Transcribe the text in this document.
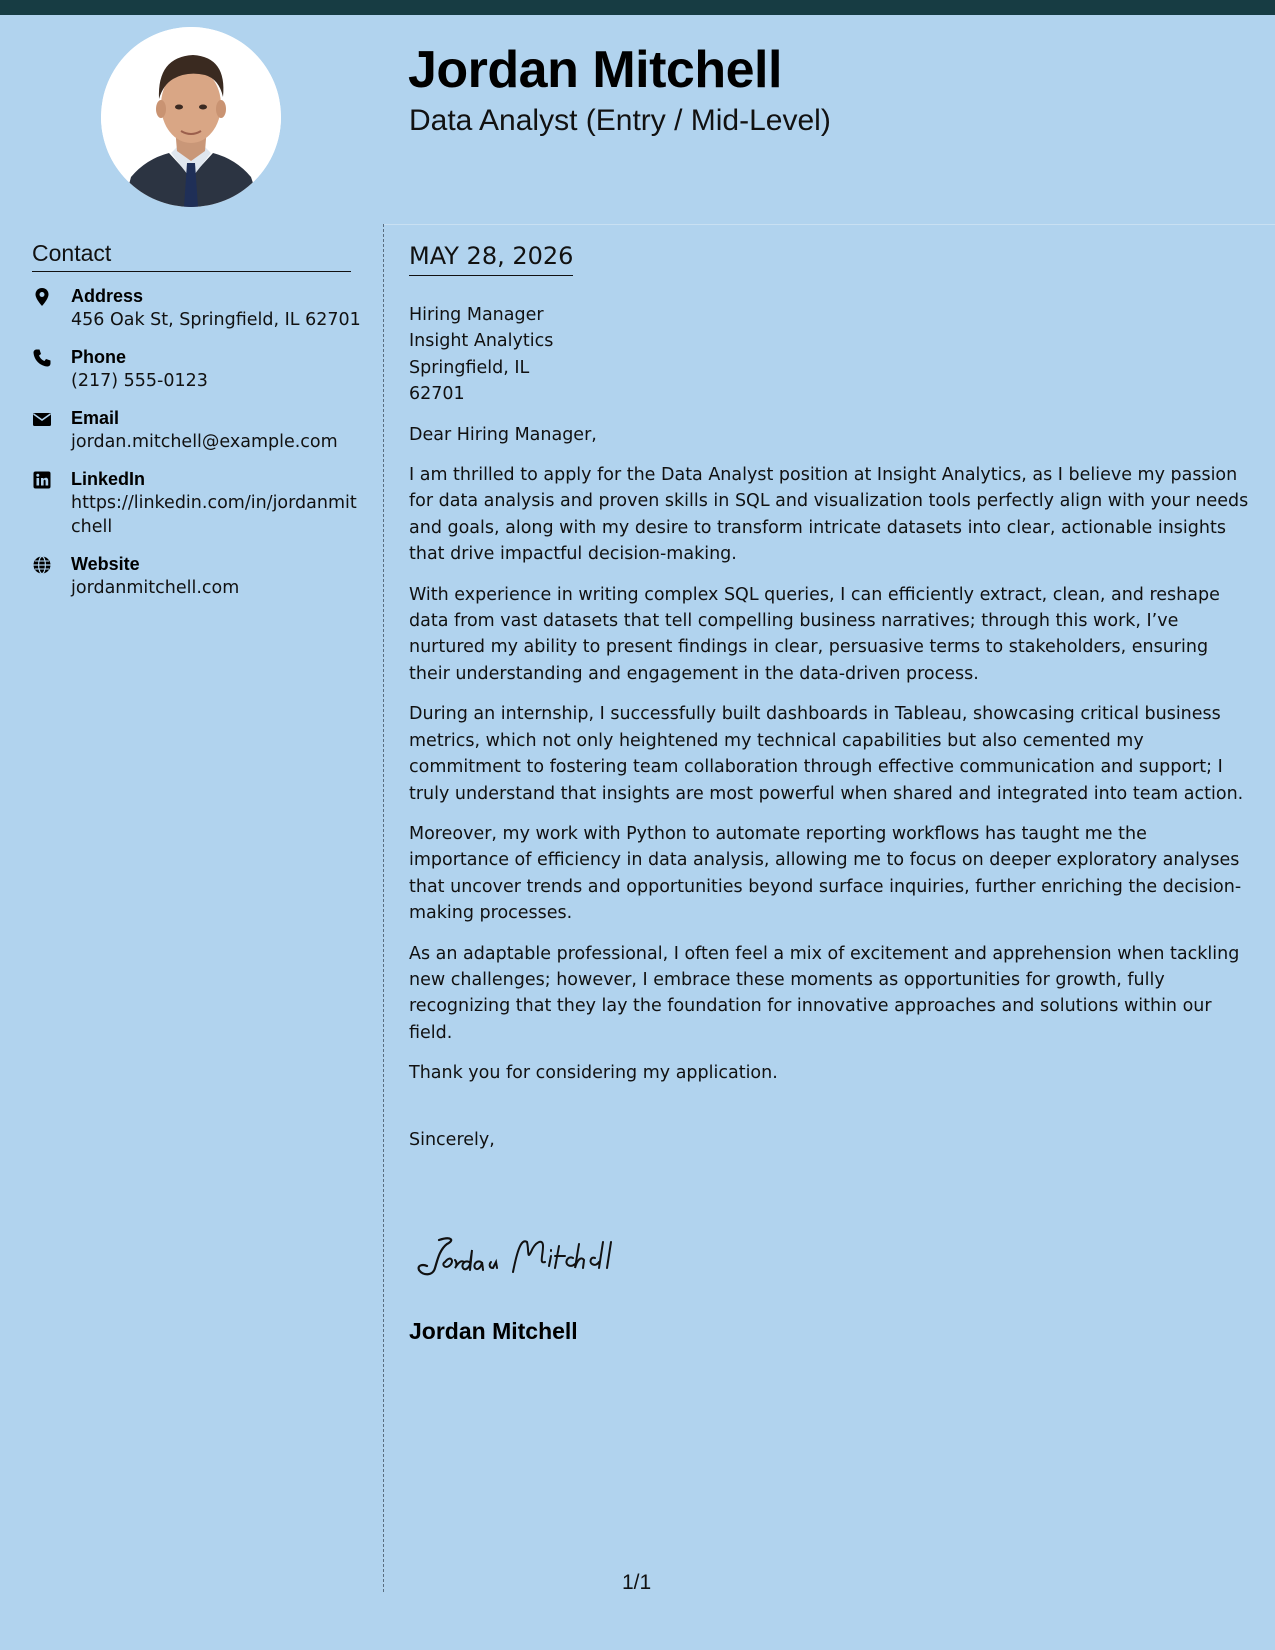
Jordan Mitchell
Data Analyst (Entry / Mid-Level)
Contact
Address
456 Oak St, Springfield, IL 62701
Phone
(217) 555-0123
Email
jordan.mitchell@example.com
LinkedIn
https://linkedin.com/in/jordanmitchell
Website
jordanmitchell.com
MAY 28, 2026
Hiring Manager
Insight Analytics
Springfield, IL
62701
Dear Hiring Manager,

I am thrilled to apply for the Data Analyst position at Insight Analytics, as I believe my passion for data analysis and proven skills in SQL and visualization tools perfectly align with your needs and goals, along with my desire to transform intricate datasets into clear, actionable insights that drive impactful decision-making.

With experience in writing complex SQL queries, I can efficiently extract, clean, and reshape data from vast datasets that tell compelling business narratives; through this work, I’ve nurtured my ability to present findings in clear, persuasive terms to stakeholders, ensuring their understanding and engagement in the data-driven process.

During an internship, I successfully built dashboards in Tableau, showcasing critical business metrics, which not only heightened my technical capabilities but also cemented my commitment to fostering team collaboration through effective communication and support; I truly understand that insights are most powerful when shared and integrated into team action.

Moreover, my work with Python to automate reporting workflows has taught me the importance of efficiency in data analysis, allowing me to focus on deeper exploratory analyses that uncover trends and opportunities beyond surface inquiries, further enriching the decision-making processes.

As an adaptable professional, I often feel a mix of excitement and apprehension when tackling new challenges; however, I embrace these moments as opportunities for growth, fully recognizing that they lay the foundation for innovative approaches and solutions within our field.

Thank you for considering my application.

Sincerely,

Jordan Mitchell
1/1
